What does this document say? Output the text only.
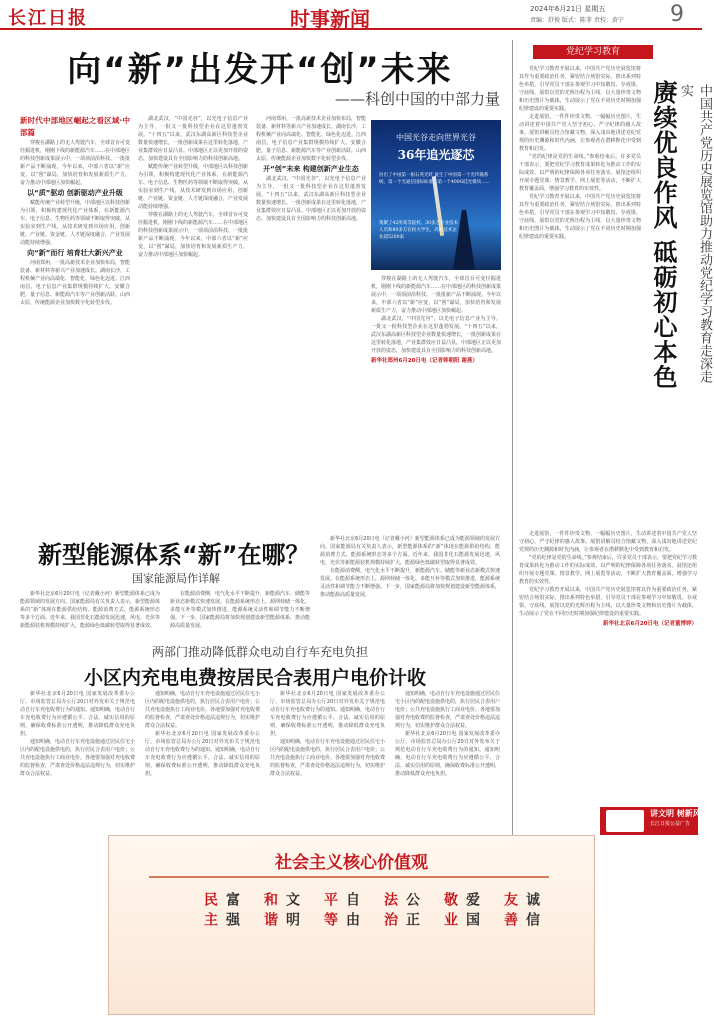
长江日报	时事新闻	2024年6月21日 星期五
责编：舒俊 版式：陈菲 责校：黄宁 9
向“新”出发开“创”未来
——科创中国的中部力量
新时代中部地区崛起之看区域·中部篇

穿梭在湖路上的无人驾驶汽车，全球首台可变径掘进机，刚刚下线的新能源汽车……在中部地区的科技创新成果展示中，一项项前沿科技、一批批新产品不断涌现。今年以来，中部六省以“新”应变，以“创”谋局，加快培育和发展新质生产力，奋力推动中部地区加快崛起。

以“质”驱动 创新驱动产业升级

赋能传统产业转型升级，中部地区以科技创新为引领，积极构建现代化产业体系，在新能源汽车、电子信息、生物医药等领域不断取得突破。从实验室到生产线，从技术研发到市场应用，创新链、产业链、资金链、人才链深度融合，产业发展动能持续增强。

向“新”而行 培育壮大新兴产业

河南郑州，一批高新技术企业加快布局，智能装备、新材料等新兴产业加速成长。湖南长沙，工程机械产业向高端化、智能化、绿色化迈进。江西南昌，电子信息产业集群规模持续扩大。安徽合肥，量子信息、新能源汽车等产业创新活跃。山西太原，传统能源企业加快数字化转型步伐。

湖北武汉，“中国光谷”，以光电子信息产业为主导，一批又一批科技型企业在这里蓬勃发展。“十四五”以来，武汉东湖高新区科技型企业数量快速增长，一批创新成果在这里转化落地，产业集群效应日益凸显。中部地区正以更加开放的姿态，加快建设具有全国影响力的科技创新高地。

赋能传统产业转型升级，中部地区以科技创新为引领，积极构建现代化产业体系，在新能源汽车、电子信息、生物医药等领域不断取得突破。从实验室到生产线，从技术研发到市场应用，创新链、产业链、资金链、人才链深度融合，产业发展动能持续增强。

穿梭在湖路上的无人驾驶汽车，全球首台可变径掘进机，刚刚下线的新能源汽车……在中部地区的科技创新成果展示中，一项项前沿科技、一批批新产品不断涌现。今年以来，中部六省以“新”应变，以“创”谋局，加快培育和发展新质生产力，奋力推动中部地区加快崛起。

河南郑州，一批高新技术企业加快布局，智能装备、新材料等新兴产业加速成长。湖南长沙，工程机械产业向高端化、智能化、绿色化迈进。江西南昌，电子信息产业集群规模持续扩大。安徽合肥，量子信息、新能源汽车等产业创新活跃。山西太原，传统能源企业加快数字化转型步伐。

开“创”未来 构建创新产业生态

湖北武汉，“中国光谷”，以光电子信息产业为主导，一批又一批科技型企业在这里蓬勃发展。“十四五”以来，武汉东湖高新区科技型企业数量快速增长，一批创新成果在这里转化落地，产业集群效应日益凸显。中部地区正以更加开放的姿态，加快建设具有全国影响力的科技创新高地。

穿梭在湖路上的无人驾驶汽车，全球首台可变径掘进机，刚刚下线的新能源汽车……在中部地区的科技创新成果展示中，一项项前沿科技、一批批新产品不断涌现。今年以来，中部六省以“新”应变，以“创”谋局，加快培育和发展新质生产力，奋力推动中部地区加快崛起。

湖北武汉，“中国光谷”，以光电子信息产业为主导，一批又一批科技型企业在这里蓬勃发展。“十四五”以来，武汉东湖高新区科技型企业数量快速增长，一批创新成果在这里转化落地，产业集群效应日益凸显。中部地区正以更加开放的姿态，加快建设具有全国影响力的科技创新高地。

新华社郑州6月20日电（记者韩朝阳 谢燕）
中国光谷走向世界光谷
36年追光逐芯
拉出了中国第一根石英光纤 诞生了中国第一个光传输系统、第一个光通信国际标准、第一个400G硅光模块……
集聚了42所高等院校、30多万专业技术人员和80多万在校大学生，高新技术企业超5200家
党纪学习教育
赓续优良作风 砥砺初心本色	中国共产党历史展览馆助力推动党纪学习教育走深走实

党纪学习教育开展以来，中国共产党历史展览馆将其作为重要政治任务，紧密结合场馆实际，推出系列特色举措，引导党员干部在参观学习中知敬畏、存戒惧、守底线。展馆以党的光辉历程为主线，以大量珍贵文物和历史图片为载体，生动展示了党在不同历史时期加强纪律建设的重要实践。

走进展馆，一件件珍贵文物、一幅幅历史图片，生动讲述着中国共产党人坚守初心、严守纪律的感人故事。展馆讲解员结合馆藏文物，深入浅出地讲述党纪党规的历史渊源和时代内涵，让参观者在潜移默化中受到教育和启发。

“党的纪律是党的生命线。”参观结束后，许多党员干部表示，要把党纪学习教育成果转化为推动工作的实际成效，以严明的纪律保障各项任务落实。展馆还组织开展专题党课、情景教学、网上展览等活动，不断扩大教育覆盖面，增强学习教育的实效性。

党纪学习教育开展以来，中国共产党历史展览馆将其作为重要政治任务，紧密结合场馆实际，推出系列特色举措，引导党员干部在参观学习中知敬畏、存戒惧、守底线。展馆以党的光辉历程为主线，以大量珍贵文物和历史图片为载体，生动展示了党在不同历史时期加强纪律建设的重要实践。

走进展馆，一件件珍贵文物、一幅幅历史图片，生动讲述着中国共产党人坚守初心、严守纪律的感人故事。展馆讲解员结合馆藏文物，深入浅出地讲述党纪党规的历史渊源和时代内涵，让参观者在潜移默化中受到教育和启发。

“党的纪律是党的生命线。”参观结束后，许多党员干部表示，要把党纪学习教育成果转化为推动工作的实际成效，以严明的纪律保障各项任务落实。展馆还组织开展专题党课、情景教学、网上展览等活动，不断扩大教育覆盖面，增强学习教育的实效性。

党纪学习教育开展以来，中国共产党历史展览馆将其作为重要政治任务，紧密结合场馆实际，推出系列特色举措，引导党员干部在参观学习中知敬畏、存戒惧、守底线。展馆以党的光辉历程为主线，以大量珍贵文物和历史图片为载体，生动展示了党在不同历史时期加强纪律建设的重要实践。

新华社北京6月20日电（记者董博婷）
新型能源体系“新”在哪？
国家能源局作详解

新华社北京6月20日电（记者戴小河）新型能源体系已成为能源领域的发展方向。国家能源局有关负责人表示，新型能源体系的“新”体现在能源供给结构、能源消费方式、能源系统形态等多个方面。近年来，我国非化石能源发展迅速，风电、光伏等新能源装机规模持续扩大，能源绿色低碳转型取得显著成效。

在能源消费侧，电气化水平不断提升，新能源汽车、储能等新业态新模式快速发展。在能源系统形态上，源网荷储一体化、多能互补等模式加快推进，能源系统灵活性和调节能力不断增强。下一步，国家能源局将加快规划建设新型能源体系，推动能源高质量发展。

新华社北京6月20日电（记者戴小河）新型能源体系已成为能源领域的发展方向。国家能源局有关负责人表示，新型能源体系的“新”体现在能源供给结构、能源消费方式、能源系统形态等多个方面。近年来，我国非化石能源发展迅速，风电、光伏等新能源装机规模持续扩大，能源绿色低碳转型取得显著成效。

在能源消费侧，电气化水平不断提升，新能源汽车、储能等新业态新模式快速发展。在能源系统形态上，源网荷储一体化、多能互补等模式加快推进，能源系统灵活性和调节能力不断增强。下一步，国家能源局将加快规划建设新型能源体系，推动能源高质量发展。

两部门推动降低群众电动自行车充电负担
小区内充电电费按居民合表用户电价计收

新华社北京6月20日电 国家发展改革委办公厅、市场监管总局办公厅20日对外发布关于规范电动自行车充电收费行为的通知。通知明确，电动自行车充电收费行为应遵循公平、合法、诚实信用的原则，确保收费标准公开透明，推动降低群众充电负担。

通知明确，电动自行车充电设施通过居民住宅小区内的配电设施供电的，执行居民合表用户电价；公共充电设施执行工商业电价。各地要加强对充电收费的监督检查，严肃查处价格违法违规行为，切实维护群众合法权益。

通知明确，电动自行车充电设施通过居民住宅小区内的配电设施供电的，执行居民合表用户电价；公共充电设施执行工商业电价。各地要加强对充电收费的监督检查，严肃查处价格违法违规行为，切实维护群众合法权益。

新华社北京6月20日电 国家发展改革委办公厅、市场监管总局办公厅20日对外发布关于规范电动自行车充电收费行为的通知。通知明确，电动自行车充电收费行为应遵循公平、合法、诚实信用的原则，确保收费标准公开透明，推动降低群众充电负担。

新华社北京6月20日电 国家发展改革委办公厅、市场监管总局办公厅20日对外发布关于规范电动自行车充电收费行为的通知。通知明确，电动自行车充电收费行为应遵循公平、合法、诚实信用的原则，确保收费标准公开透明，推动降低群众充电负担。

通知明确，电动自行车充电设施通过居民住宅小区内的配电设施供电的，执行居民合表用户电价；公共充电设施执行工商业电价。各地要加强对充电收费的监督检查，严肃查处价格违法违规行为，切实维护群众合法权益。

通知明确，电动自行车充电设施通过居民住宅小区内的配电设施供电的，执行居民合表用户电价；公共充电设施执行工商业电价。各地要加强对充电收费的监督检查，严肃查处价格违法违规行为，切实维护群众合法权益。

新华社北京6月20日电 国家发展改革委办公厅、市场监管总局办公厅20日对外发布关于规范电动自行车充电收费行为的通知。通知明确，电动自行车充电收费行为应遵循公平、合法、诚实信用的原则，确保收费标准公开透明，推动降低群众充电负担。

讲文明 树新风
长江日报公益广告
社会主义核心价值观
富强
民主	文明
和谐	自由
平等	公正
法治	爱国
敬业	诚信
友善
